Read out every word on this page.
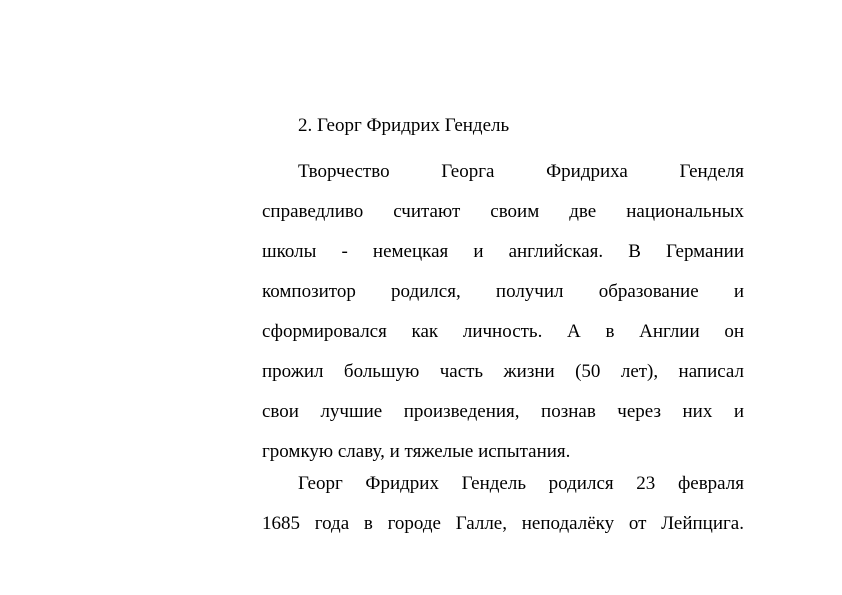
2. Георг Фридрих Гендель

Творчество Георга Фридриха Генделя
справедливо считают своим две национальных
школы - немецкая и английская. В Германии
композитор родился, получил образование и
сформировался как личность. А в Англии он
прожил большую часть жизни (50 лет), написал
свои лучшие произведения, познав через них и
громкую славу, и тяжелые испытания.
Георг Фридрих Гендель родился 23 февраля
1685 года в городе Галле, неподалёку от Лейпцига.
